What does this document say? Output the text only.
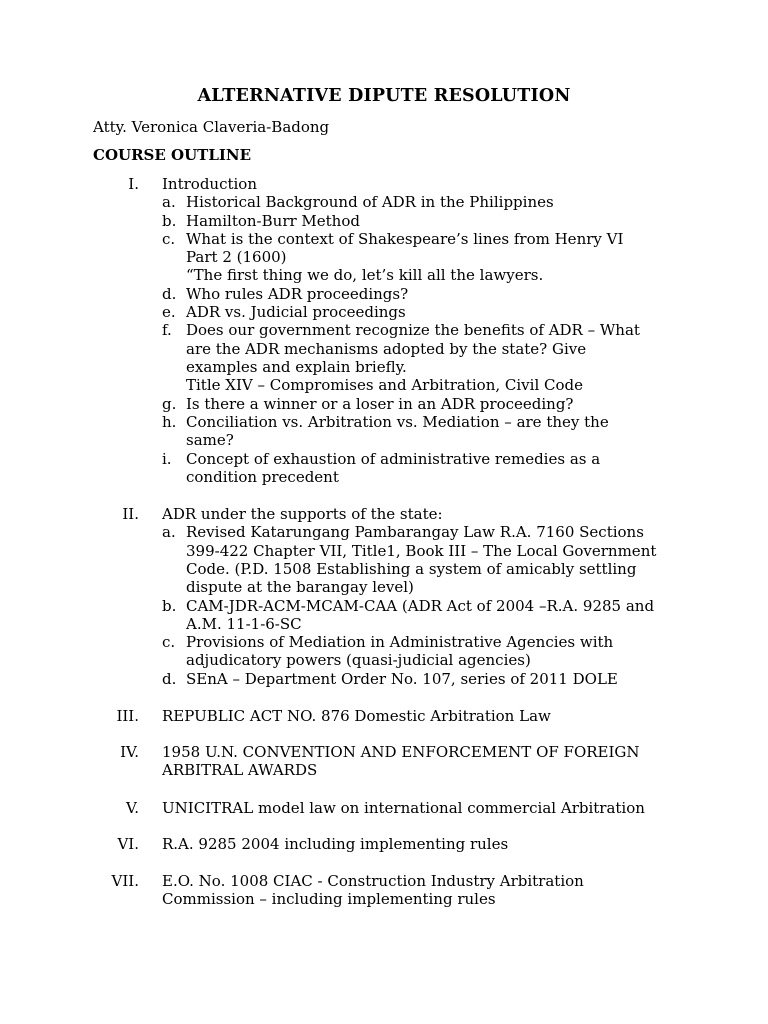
ALTERNATIVE DIPUTE RESOLUTION
Atty. Veronica Claveria-Badong
COURSE OUTLINE
I. Introduction
a. Historical Background of ADR in the Philippines
b. Hamilton-Burr Method
c. What is the context of Shakespeare’s lines from Henry VI
Part 2 (1600)
“The first thing we do, let’s kill all the lawyers.
d. Who rules ADR proceedings?
e. ADR vs. Judicial proceedings
f. Does our government recognize the benefits of ADR – What
are the ADR mechanisms adopted by the state? Give
examples and explain briefly.
Title XIV – Compromises and Arbitration, Civil Code
g. Is there a winner or a loser in an ADR proceeding?
h. Conciliation vs. Arbitration vs. Mediation – are they the
same?
i. Concept of exhaustion of administrative remedies as a
condition precedent
II. ADR under the supports of the state:
a. Revised Katarungang Pambarangay Law R.A. 7160 Sections
399-422 Chapter VII, Title1, Book III – The Local Government
Code. (P.D. 1508 Establishing a system of amicably settling
dispute at the barangay level)
b. CAM-JDR-ACM-MCAM-CAA (ADR Act of 2004 –R.A. 9285 and
A.M. 11-1-6-SC
c. Provisions of Mediation in Administrative Agencies with
adjudicatory powers (quasi-judicial agencies)
d. SEnA – Department Order No. 107, series of 2011 DOLE
III. REPUBLIC ACT NO. 876 Domestic Arbitration Law
IV. 1958 U.N. CONVENTION AND ENFORCEMENT OF FOREIGN
ARBITRAL AWARDS
V. UNICITRAL model law on international commercial Arbitration
VI. R.A. 9285 2004 including implementing rules
VII. E.O. No. 1008 CIAC - Construction Industry Arbitration
Commission – including implementing rules
